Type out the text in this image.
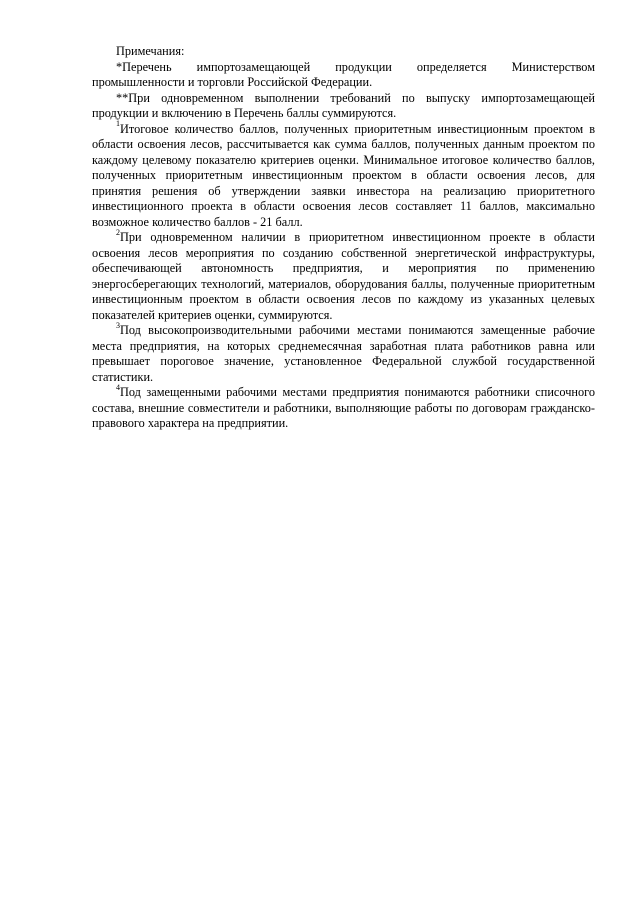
Примечания:

*Перечень импортозамещающей продукции определяется Министерством промышленности и торговли Российской Федерации.

**При одновременном выполнении требований по выпуску импортозамещающей продукции и включению в Перечень баллы суммируются.

$^1$Итоговое количество баллов, полученных приоритетным инвестиционным проектом в области освоения лесов, рассчитывается как сумма баллов, полученных данным проектом по каждому целевому показателю критериев оценки. Минимальное итоговое количество баллов, полученных приоритетным инвестиционным проектом в области освоения лесов, для принятия решения об утверждении заявки инвестора на реализацию приоритетного инвестиционного проекта в области освоения лесов составляет 11 баллов, максимально возможное количество баллов - 21 балл.

$^2$При одновременном наличии в приоритетном инвестиционном проекте в области освоения лесов мероприятия по созданию собственной энергетической инфраструктуры, обеспечивающей автономность предприятия, и мероприятия по применению энергосберегающих технологий, материалов, оборудования баллы, полученные приоритетным инвестиционным проектом в области освоения лесов по каждому из указанных целевых показателей критериев оценки, суммируются.

$^3$Под высокопроизводительными рабочими местами понимаются замещенные рабочие места предприятия, на которых среднемесячная заработная плата работников равна или превышает пороговое значение, установленное Федеральной службой государственной статистики.

$^4$Под замещенными рабочими местами предприятия понимаются работники списочного состава, внешние совместители и работники, выполняющие работы по договорам гражданско-правового характера на предприятии.
